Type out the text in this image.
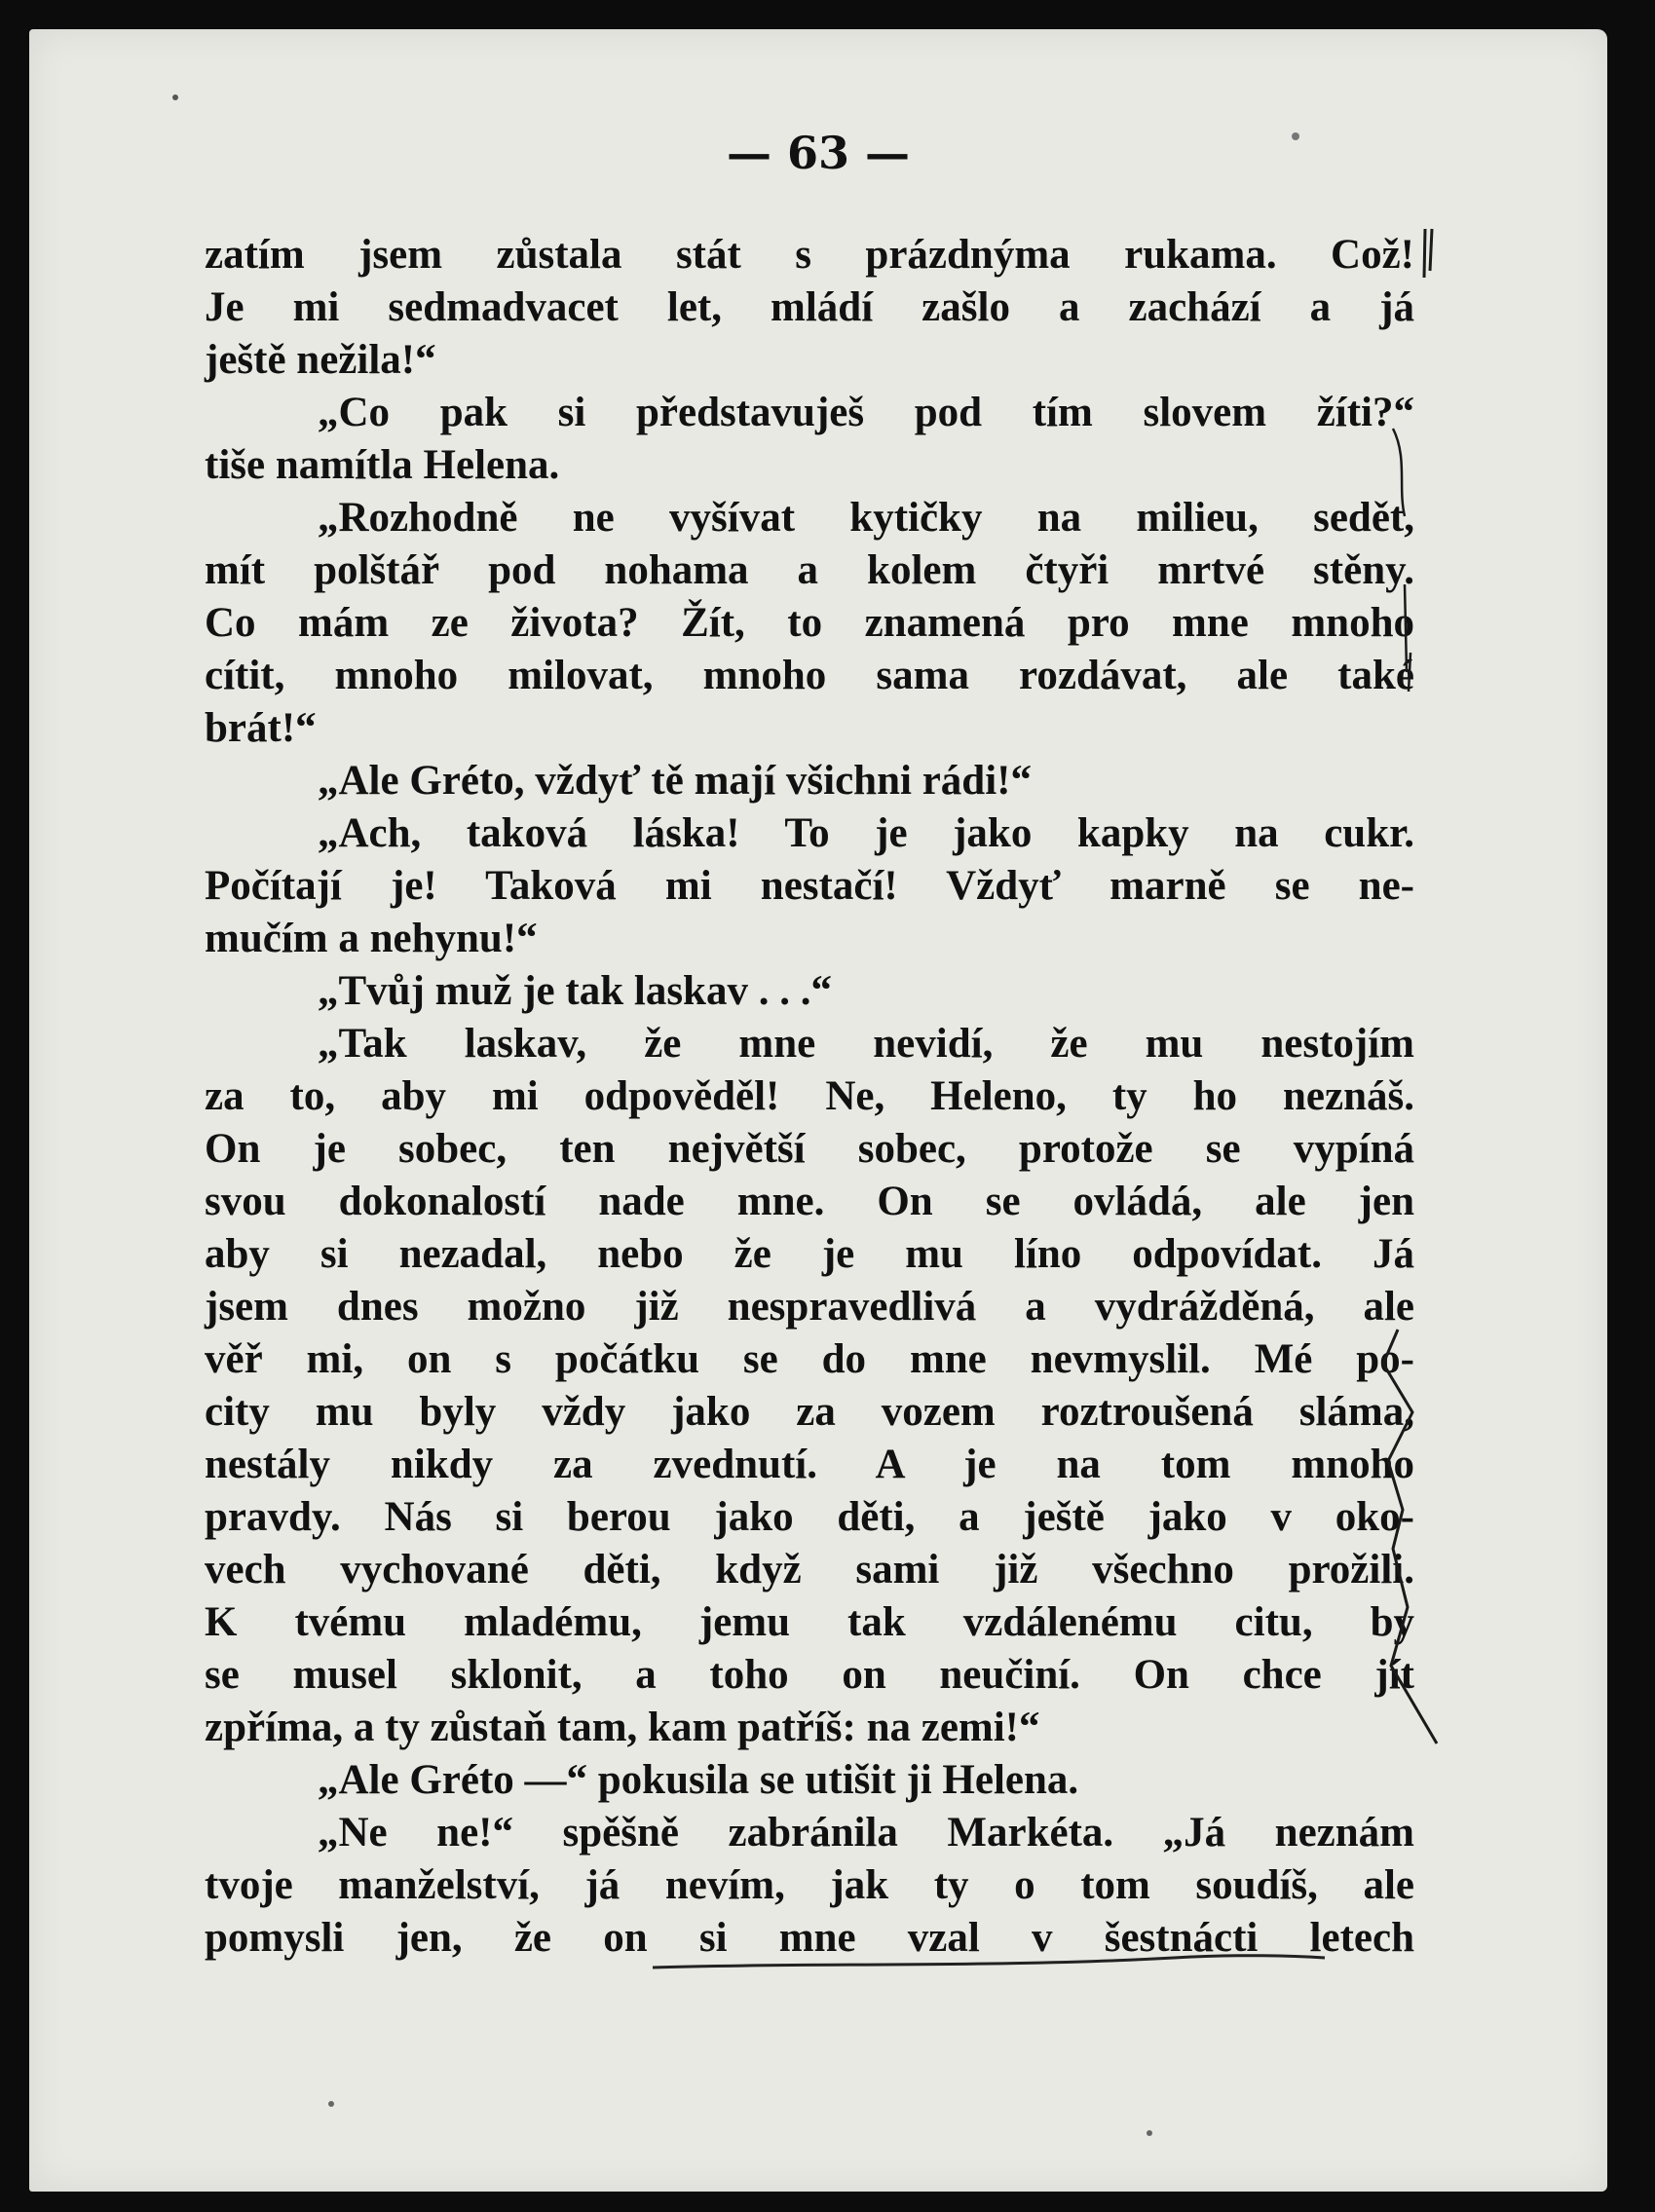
— 63 —
zatím jsem zůstala stát s prázdnýma rukama. Což!
Je mi sedmadvacet let, mládí zašlo a zachází a já
ještě nežila!“
„Co pak si představuješ pod tím slovem žíti?“
tiše namítla Helena.
„Rozhodně ne vyšívat kytičky na milieu, sedět,
mít polštář pod nohama a kolem čtyři mrtvé stěny.
Co mám ze života? Žít, to znamená pro mne mnoho
cítit, mnoho milovat, mnoho sama rozdávat, ale také
brát!“
„Ale Gréto, vždyť tě mají všichni rádi!“
„Ach, taková láska! To je jako kapky na cukr.
Počítají je! Taková mi nestačí! Vždyť marně se ne-
mučím a nehynu!“
„Tvůj muž je tak laskav . . .“
„Tak laskav, že mne nevidí, že mu nestojím
za to, aby mi odpověděl! Ne, Heleno, ty ho neznáš.
On je sobec, ten největší sobec, protože se vypíná
svou dokonalostí nade mne. On se ovládá, ale jen
aby si nezadal, nebo že je mu líno odpovídat. Já
jsem dnes možno již nespravedlivá a vydrážděná, ale
věř mi, on s počátku se do mne nevmyslil. Mé po-
city mu byly vždy jako za vozem roztroušená sláma,
nestály nikdy za zvednutí. A je na tom mnoho
pravdy. Nás si berou jako děti, a ještě jako v oko-
vech vychované děti, když sami již všechno prožili.
K tvému mladému, jemu tak vzdálenému citu, by
se musel sklonit, a toho on neučiní. On chce jít
zpříma, a ty zůstaň tam, kam patříš: na zemi!“
„Ale Gréto —“ pokusila se utišit ji Helena.
„Ne ne!“ spěšně zabránila Markéta. „Já neznám
tvoje manželství, já nevím, jak ty o tom soudíš, ale
pomysli jen, že on si mne vzal v šestnácti letech
